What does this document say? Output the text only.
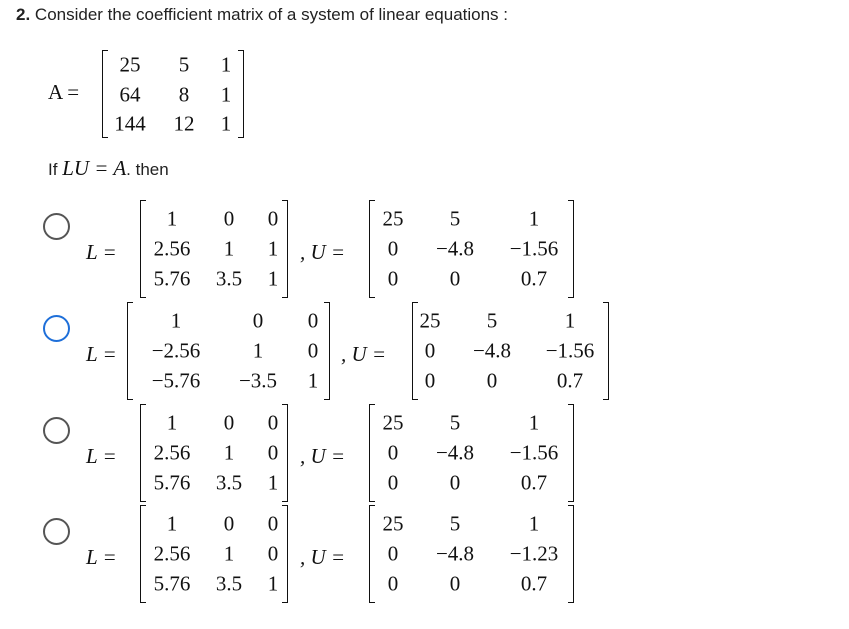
2. Consider the coefficient matrix of a system of linear equations :
A =
25 5 1
64 8 1
144 12 1
If LU = A. then
L =
1 0 0
2.56 1 1
5.76 3.5 1
, U =
25 5	1
0 −4.8 −1.56
0 0	0.7
L =
1	0 0
−2.56 1 0
−5.76 −3.5 1
, U =
25 5	1
0 −4.8 −1.56
0 0	0.7
L =
1 0 0
2.56 1 0
5.76 3.5 1
, U =
25 5	1
0 −4.8 −1.56
0 0	0.7
L =
1 0 0
2.56 1 0
5.76 3.5 1
, U =
25 5	1
0 −4.8 −1.23
0 0	0.7
